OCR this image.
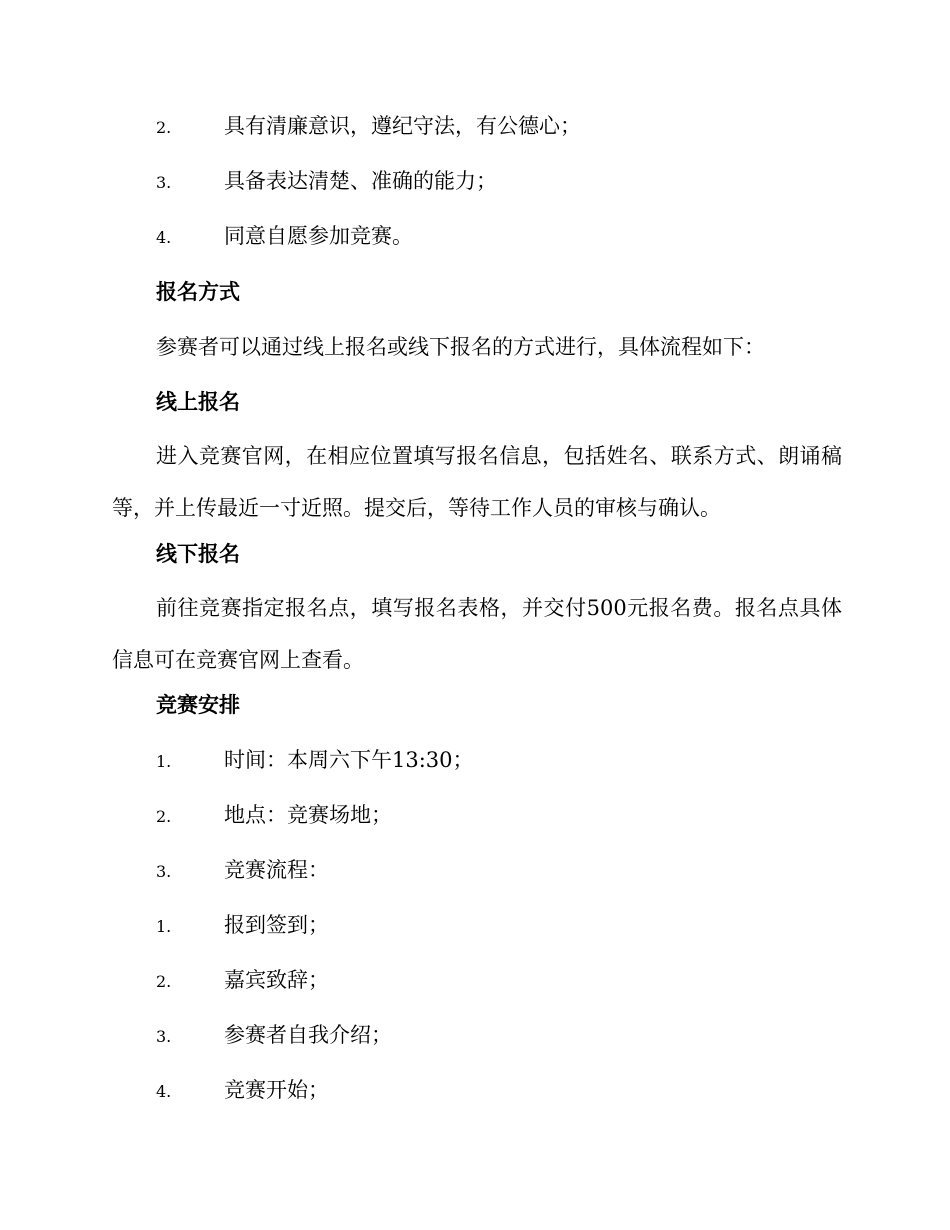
2.	具有清廉意识，遵纪守法，有公德心；
3.	具备表达清楚、准确的能力；
4.	同意自愿参加竞赛。
报名方式
参赛者可以通过线上报名或线下报名的方式进行，具体流程如下：
线上报名
进入竞赛官网，在相应位置填写报名信息，包括姓名、联系方式、朗诵稿等，并上传最近一寸近照。提交后，等待工作人员的审核与确认。
线下报名
前往竞赛指定报名点，填写报名表格，并交付500元报名费。报名点具体信息可在竞赛官网上查看。
竞赛安排
1.	时间：本周六下午13:30；
2.	地点：竞赛场地；
3.	竞赛流程：
1.	报到签到；
2.	嘉宾致辞；
3.	参赛者自我介绍；
4.	竞赛开始；
